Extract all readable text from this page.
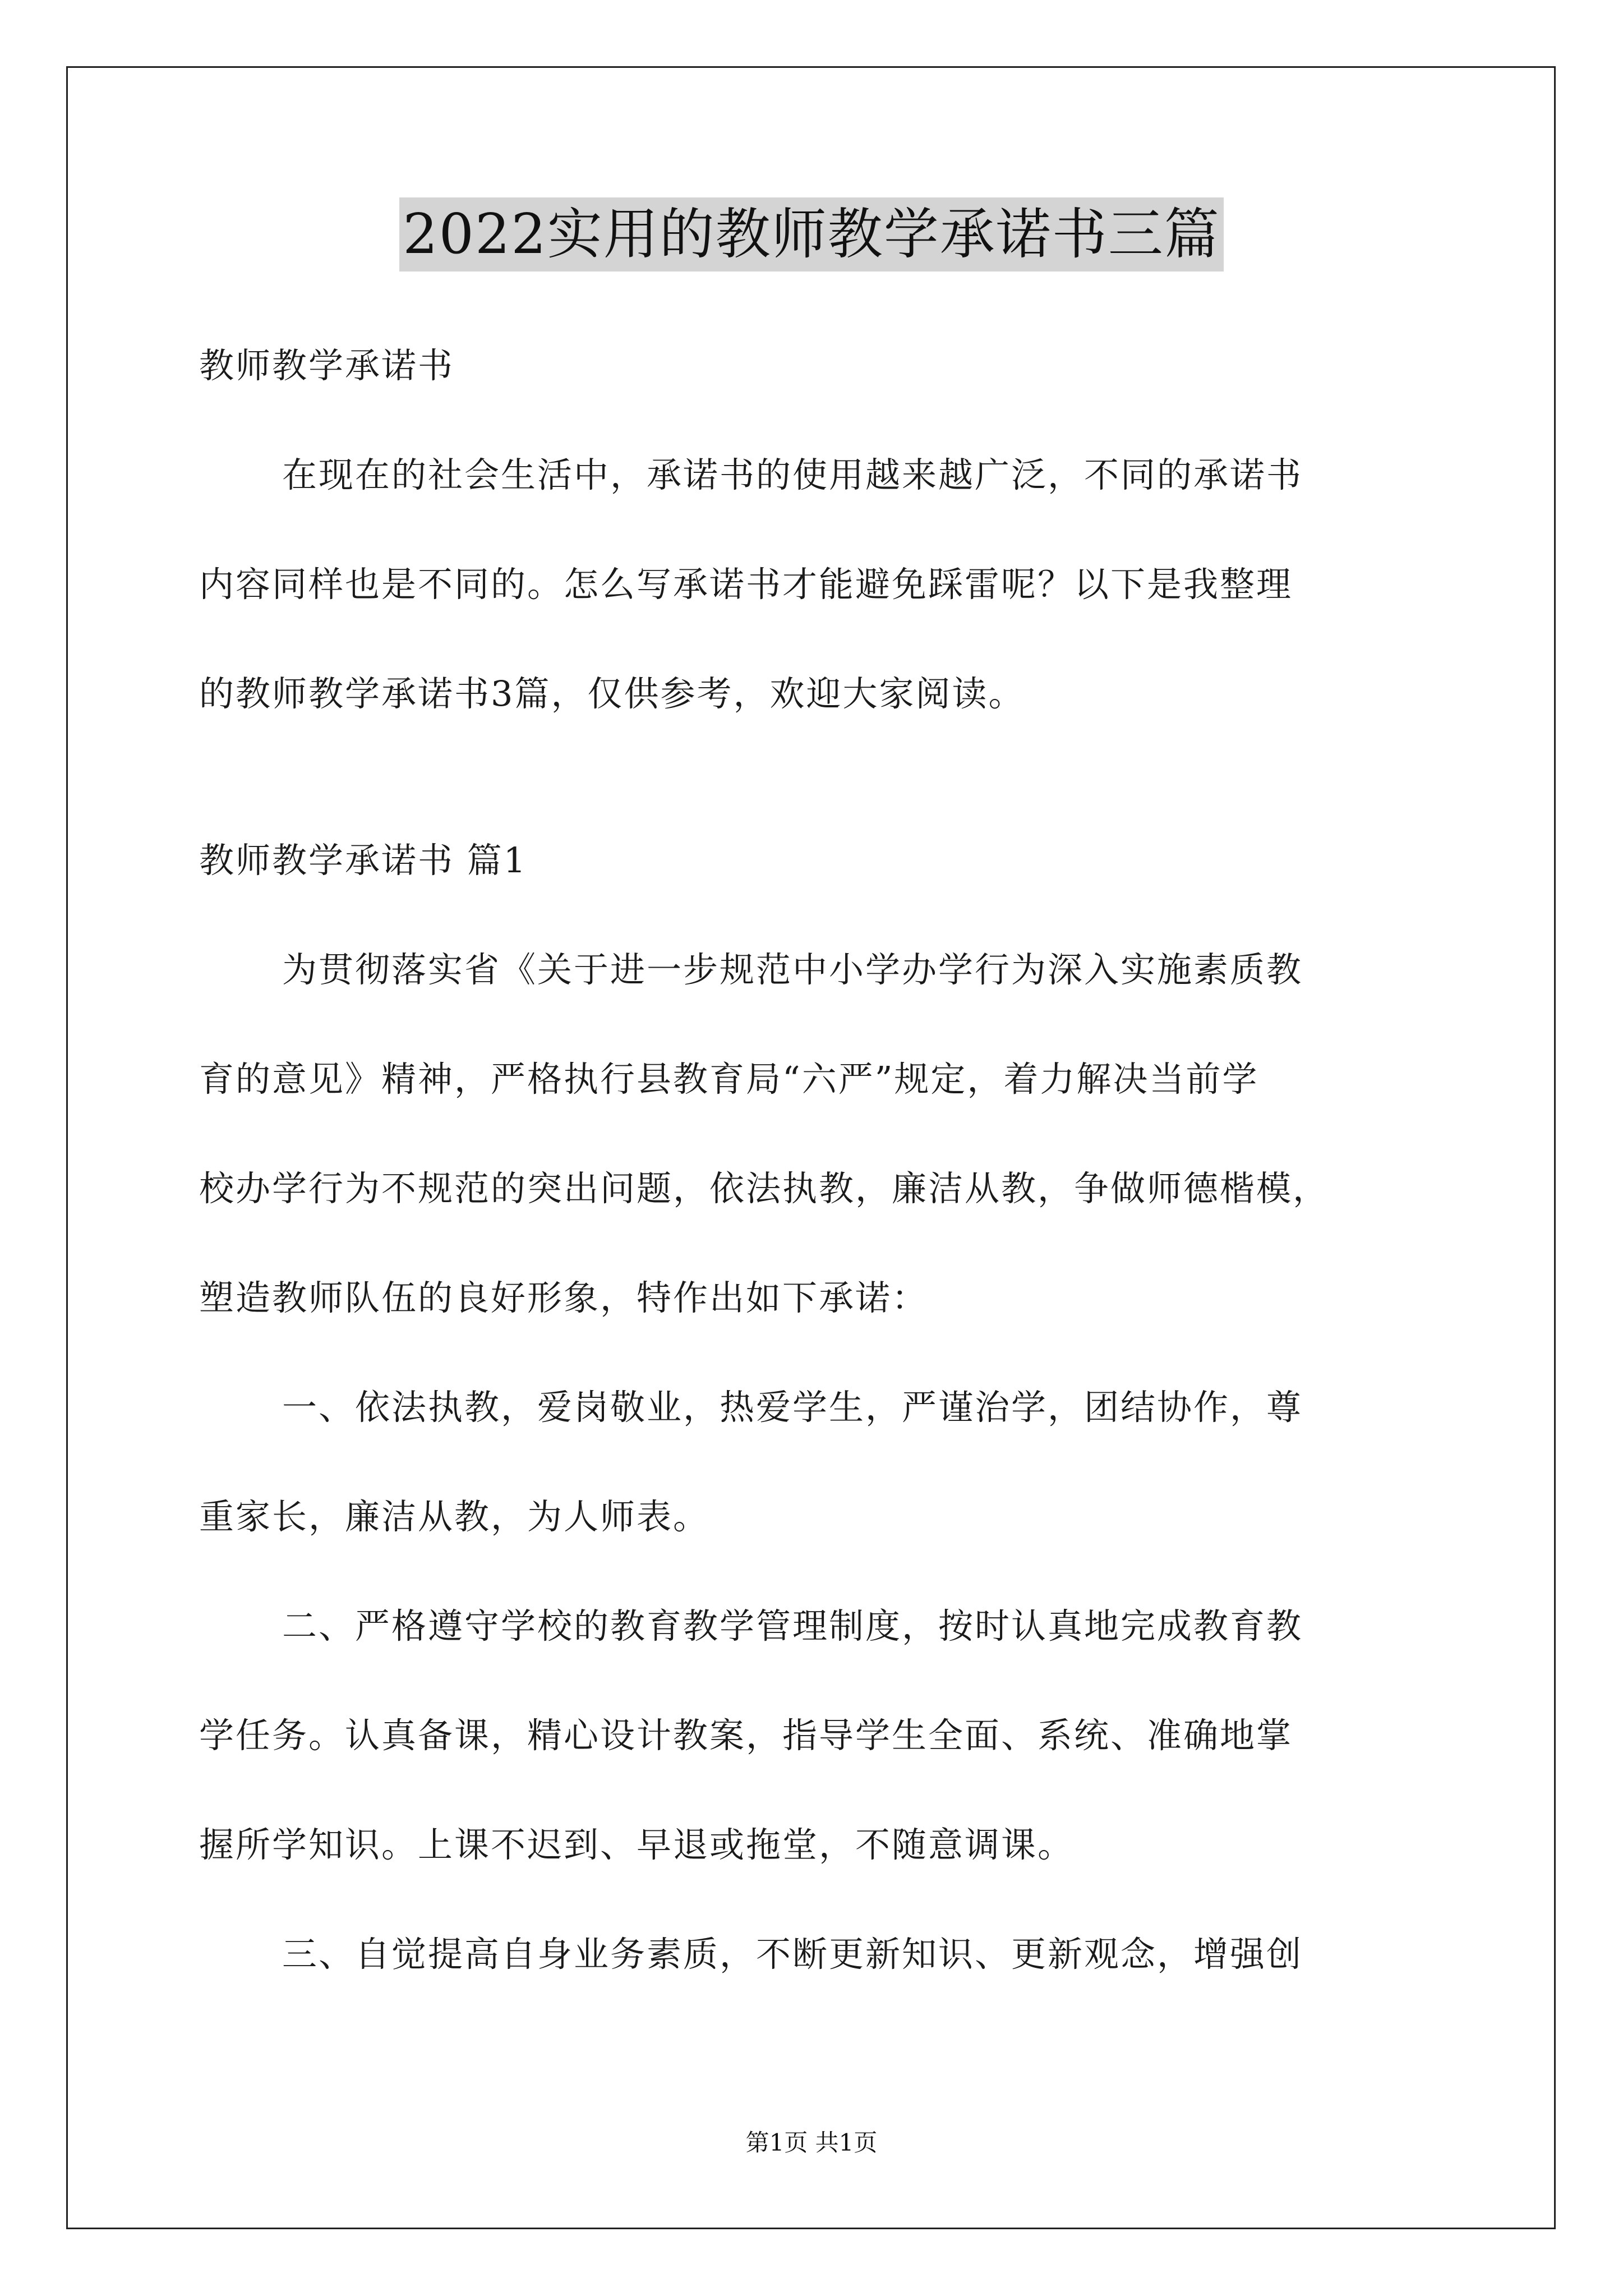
2022实用的教师教学承诺书三篇
教师教学承诺书
在现在的社会生活中，承诺书的使用越来越广泛，不同的承诺书
内容同样也是不同的。怎么写承诺书才能避免踩雷呢？以下是我整理
的教师教学承诺书3篇，仅供参考，欢迎大家阅读。
教师教学承诺书 篇1
为贯彻落实省《关于进一步规范中小学办学行为深入实施素质教
育的意见》精神，严格执行县教育局“六严”规定，着力解决当前学
校办学行为不规范的突出问题，依法执教，廉洁从教，争做师德楷模，
塑造教师队伍的良好形象，特作出如下承诺：
一、依法执教，爱岗敬业，热爱学生，严谨治学，团结协作，尊
重家长，廉洁从教，为人师表。
二、严格遵守学校的教育教学管理制度，按时认真地完成教育教
学任务。认真备课，精心设计教案，指导学生全面、系统、准确地掌
握所学知识。上课不迟到、早退或拖堂，不随意调课。
三、自觉提高自身业务素质，不断更新知识、更新观念，增强创
第1页 共1页
